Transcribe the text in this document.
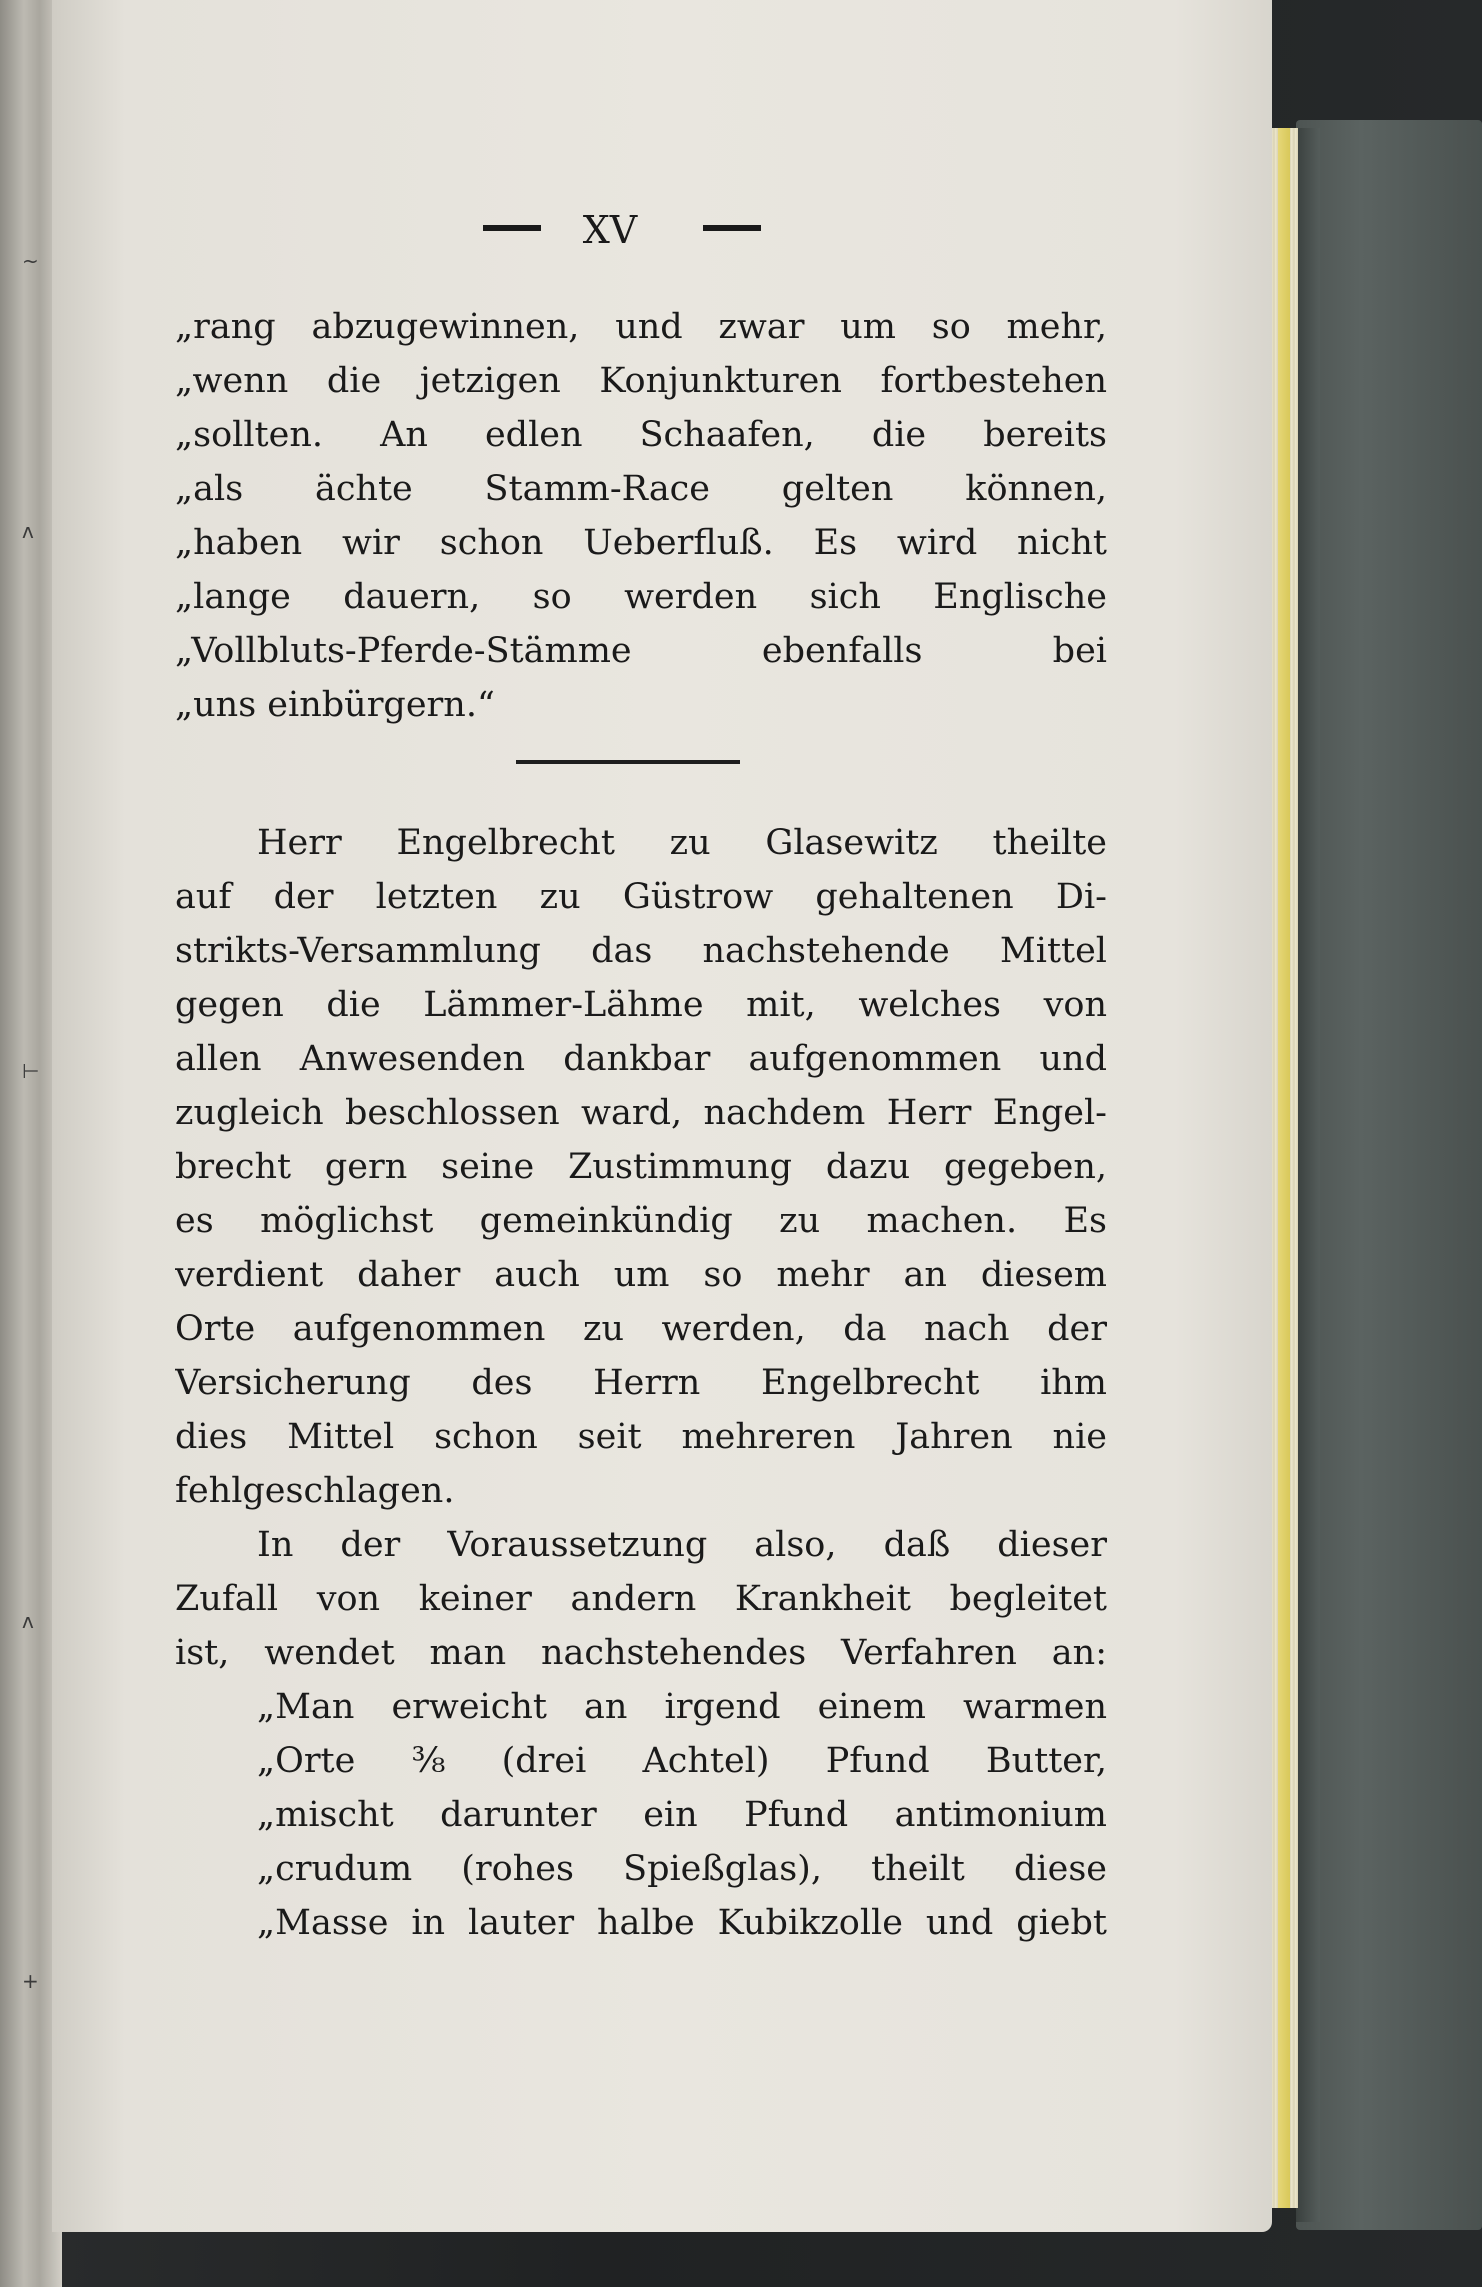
~
ʌ
⊢
ʌ
+
XV
„rang abzugewinnen, und zwar um so mehr,
„wenn die jetzigen Konjunkturen fortbestehen
„sollten. An edlen Schaafen, die bereits
„als ächte Stamm-Race gelten können,
„haben wir schon Ueberfluß. Es wird nicht
„lange dauern, so werden sich Englische
„Vollbluts-Pferde-Stämme ebenfalls bei
„uns einbürgern.“
Herr Engelbrecht zu Glasewitz theilte
auf der letzten zu Güstrow gehaltenen Di-
strikts-Versammlung das nachstehende Mittel
gegen die Lämmer-Lähme mit, welches von
allen Anwesenden dankbar aufgenommen und
zugleich beschlossen ward, nachdem Herr Engel-
brecht gern seine Zustimmung dazu gegeben,
es möglichst gemeinkündig zu machen. Es
verdient daher auch um so mehr an diesem
Orte aufgenommen zu werden, da nach der
Versicherung des Herrn Engelbrecht ihm
dies Mittel schon seit mehreren Jahren nie
fehlgeschlagen.
In der Voraussetzung also, daß dieser
Zufall von keiner andern Krankheit begleitet
ist, wendet man nachstehendes Verfahren an:
„Man erweicht an irgend einem warmen
„Orte ⅜ (drei Achtel) Pfund Butter,
„mischt darunter ein Pfund antimonium
„crudum (rohes Spießglas), theilt diese
„Masse in lauter halbe Kubikzolle und giebt
